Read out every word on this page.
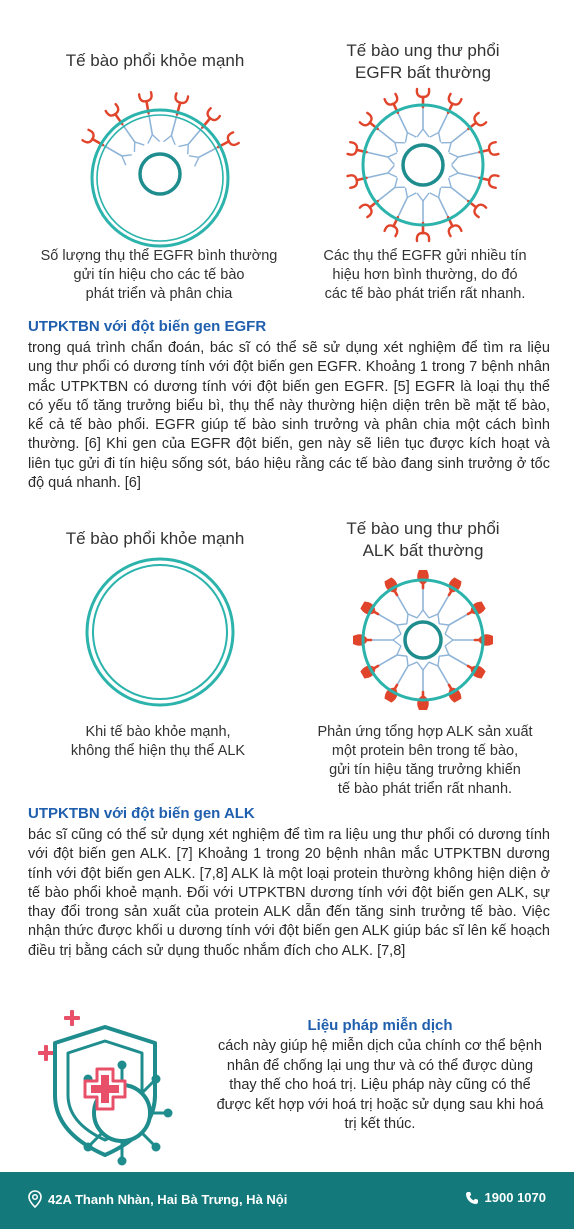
Tế bào phổi khỏe mạnh
Số lượng thụ thể EGFR bình thường
gửi tín hiệu cho các tế bào
phát triển và phân chia
Tế bào ung thư phổi
EGFR bất thường
Các thụ thể EGFR gửi nhiều tín
hiệu hơn bình thường, do đó
các tế bào phát triển rất nhanh.
UTPKTBN với đột biến gen EGFR
trong quá trình chẩn đoán, bác sĩ có thể sẽ sử dụng xét nghiệm để tìm ra liệu ung thư phổi có dương tính với đột biến gen EGFR. Khoảng 1 trong 7 bệnh nhân mắc UTPKTBN có dương tính với đột biến gen EGFR. [5] EGFR là loại thụ thể có yếu tố tăng trưởng biểu bì, thụ thể này thường hiện diện trên bề mặt tế bào, kể cả tế bào phổi. EGFR giúp tế bào sinh trưởng và phân chia một cách bình thường. [6] Khi gen của EGFR đột biến, gen này sẽ liên tục được kích hoạt và liên tục gửi đi tín hiệu sống sót, báo hiệu rằng các tế bào đang sinh trưởng ở tốc độ quá nhanh. [6]
Tế bào phổi khỏe mạnh
Khi tế bào khỏe mạnh,
không thể hiện thụ thể ALK
Tế bào ung thư phổi
ALK bất thường
Phản ứng tổng hợp ALK sản xuất
một protein bên trong tế bào,
gửi tín hiệu tăng trưởng khiến
tế bào phát triển rất nhanh.
UTPKTBN với đột biến gen ALK
bác sĩ cũng có thể sử dụng xét nghiệm để tìm ra liệu ung thư phổi có dương tính với đột biến gen ALK. [7] Khoảng 1 trong 20 bệnh nhân mắc UTPKTBN dương tính với đột biến gen ALK. [7,8] ALK là một loại protein thường không hiện diện ở tế bào phổi khoẻ mạnh. Đối với UTPKTBN dương tính với đột biến gen ALK, sự thay đổi trong sản xuất của protein ALK dẫn đến tăng sinh trưởng tế bào. Việc nhận thức được khối u dương tính với đột biến gen ALK giúp bác sĩ lên kế hoạch điều trị bằng cách sử dụng thuốc nhắm đích cho ALK. [7,8]
Liệu pháp miễn dịch
cách này giúp hệ miễn dịch của chính cơ thể bệnh nhân để chống lại ung thư và có thể được dùng thay thế cho hoá trị. Liệu pháp này cũng có thể được kết hợp với hoá trị hoặc sử dụng sau khi hoá trị kết thúc.
42A Thanh Nhàn, Hai Bà Trưng, Hà Nội	1900 1070
